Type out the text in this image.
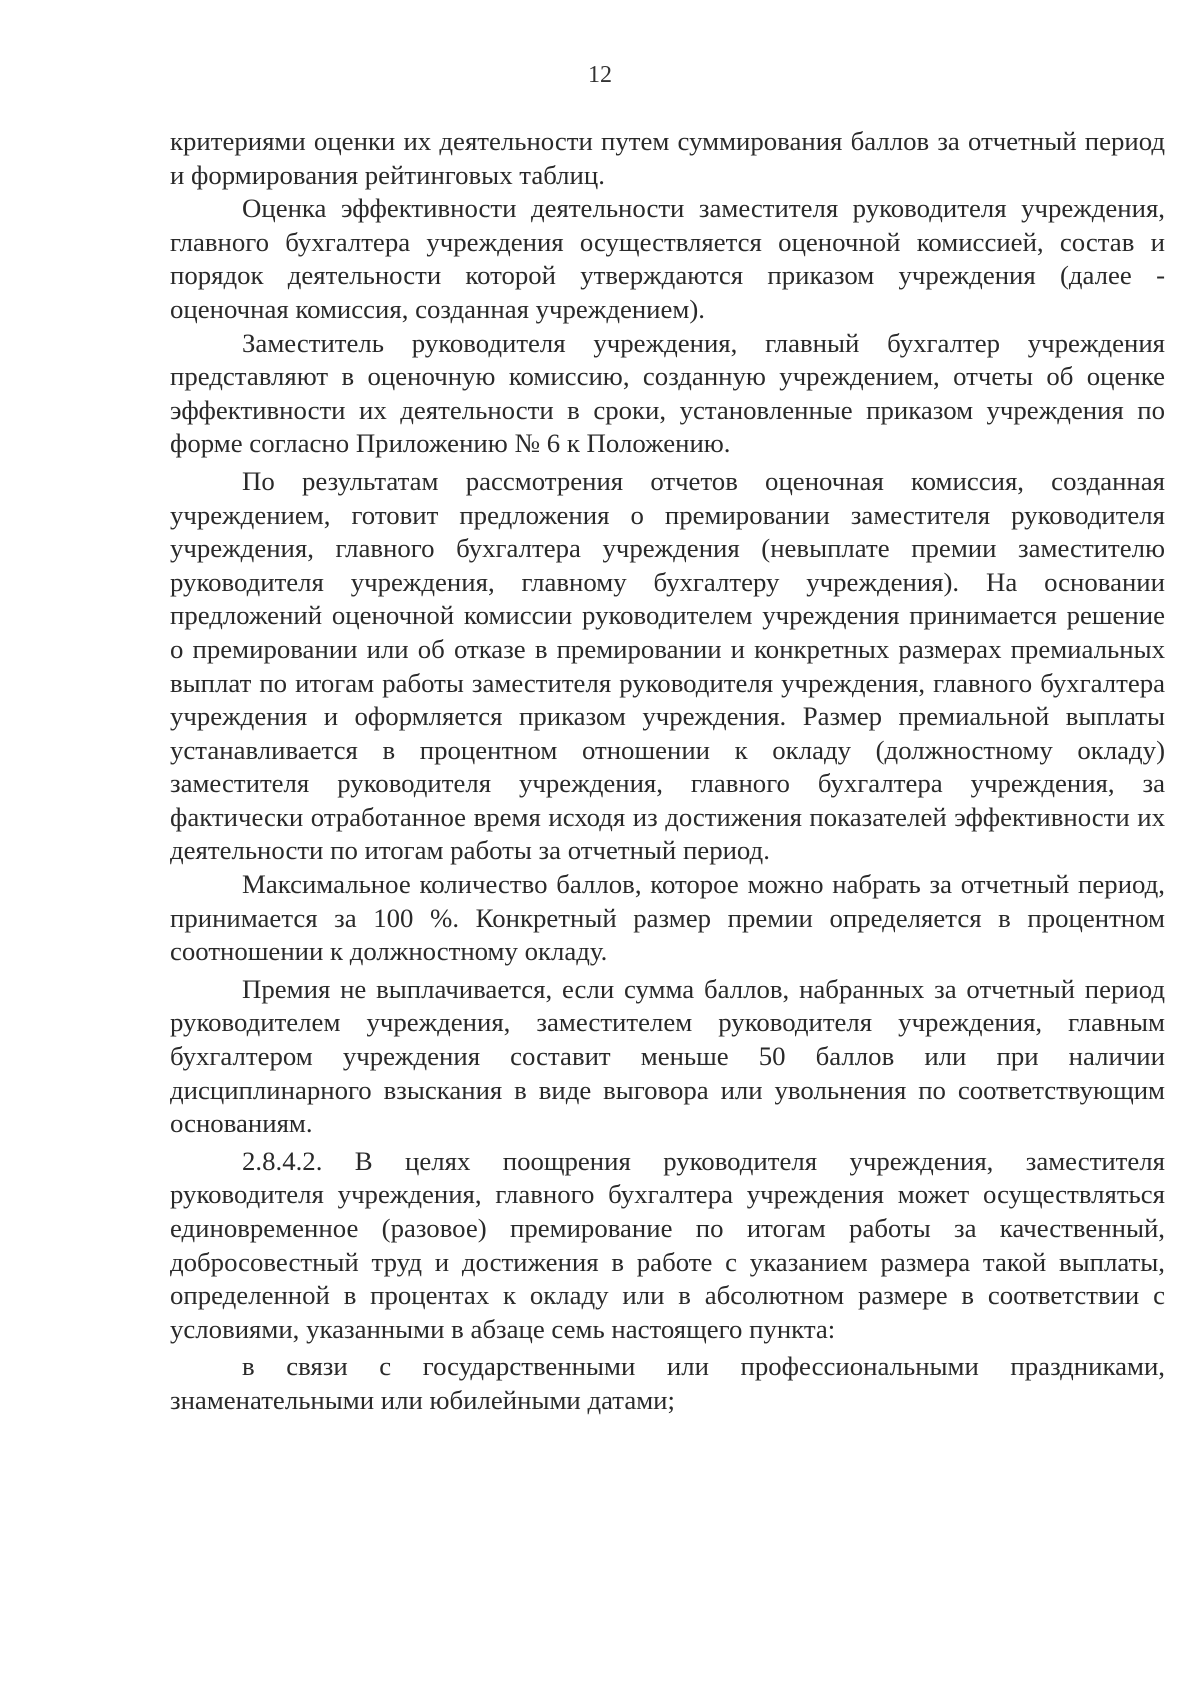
12

критериями оценки их деятельности путем суммирования баллов за отчетный период и формирования рейтинговых таблиц.

Оценка эффективности деятельности заместителя руководителя учреждения, главного бухгалтера учреждения осуществляется оценочной комиссией, состав и порядок деятельности которой утверждаются приказом учреждения (далее - оценочная комиссия, созданная учреждением).

Заместитель руководителя учреждения, главный бухгалтер учреждения представляют в оценочную комиссию, созданную учреждением, отчеты об оценке эффективности их деятельности в сроки, установленные приказом учреждения по форме согласно Приложению № 6 к Положению.

По результатам рассмотрения отчетов оценочная комиссия, созданная учреждением, готовит предложения о премировании заместителя руководителя учреждения, главного бухгалтера учреждения (невыплате премии заместителю руководителя учреждения, главному бухгалтеру учреждения). На основании предложений оценочной комиссии руководителем учреждения принимается решение о премировании или об отказе в премировании и конкретных размерах премиальных выплат по итогам работы заместителя руководителя учреждения, главного бухгалтера учреждения и оформляется приказом учреждения. Размер премиальной выплаты устанавливается в процентном отношении к окладу (должностному окладу) заместителя руководителя учреждения, главного бухгалтера учреждения, за фактически отработанное время исходя из достижения показателей эффективности их деятельности по итогам работы за отчетный период.

Максимальное количество баллов, которое можно набрать за отчетный период, принимается за 100 %. Конкретный размер премии определяется в процентном соотношении к должностному окладу.

Премия не выплачивается, если сумма баллов, набранных за отчетный период руководителем учреждения, заместителем руководителя учреждения, главным бухгалтером учреждения составит меньше 50 баллов или при наличии дисциплинарного взыскания в виде выговора или увольнения по соответствующим основаниям.

2.8.4.2. В целях поощрения руководителя учреждения, заместителя руководителя учреждения, главного бухгалтера учреждения может осуществляться единовременное (разовое) премирование по итогам работы за качественный, добросовестный труд и достижения в работе с указанием размера такой выплаты, определенной в процентах к окладу или в абсолютном размере в соответствии с условиями, указанными в абзаце семь настоящего пункта:

в связи с государственными или профессиональными праздниками, знаменательными или юбилейными датами;
